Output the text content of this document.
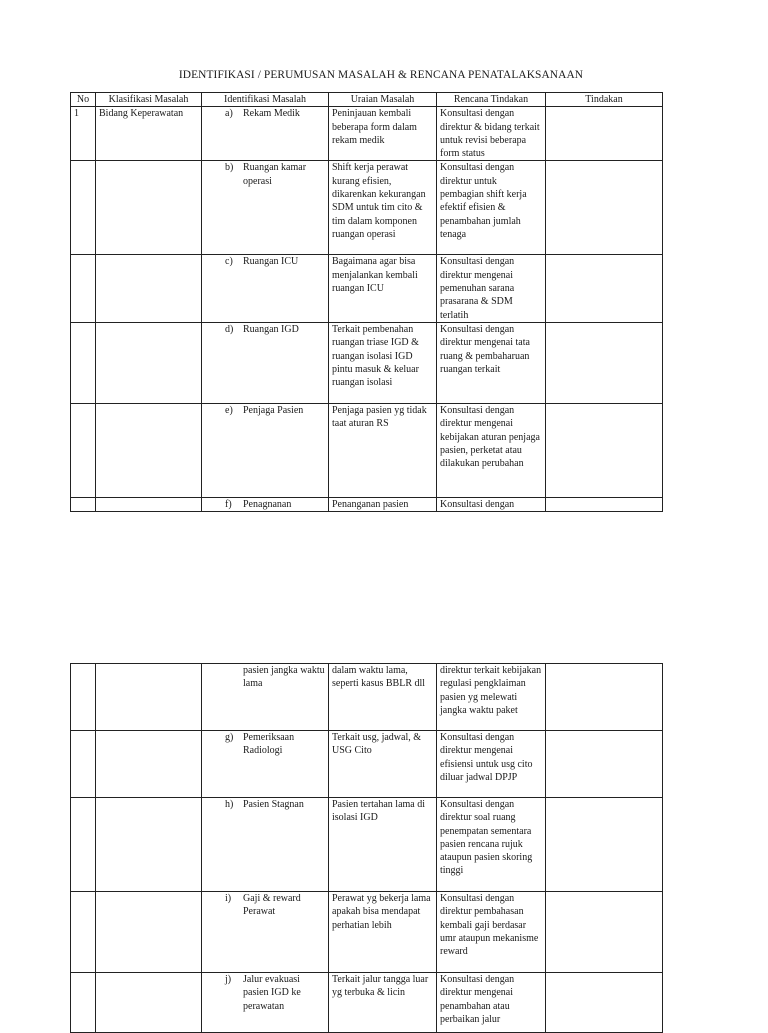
IDENTIFIKASI / PERUMUSAN MASALAH & RENCANA PENATALAKSANAAN
No	Klasifikasi Masalah	Identifikasi Masalah	Uraian Masalah	Rencana Tindakan	Tindakan
1	Bidang Keperawatan	a) Rekam Medik	Peninjauan kembali beberapa form dalam rekam medik	Konsultasi dengan direktur & bidang terkait untuk revisi beberapa form status	

		b) Ruangan kamar operasi	Shift kerja perawat kurang efisien, dikarenkan kekurangan SDM untuk tim cito & tim dalam komponen ruangan operasi	Konsultasi dengan direktur untuk pembagian shift kerja efektif efisien & penambahan jumlah tenaga	

		c) Ruangan ICU	Bagaimana agar bisa menjalankan kembali ruangan ICU	Konsultasi dengan direktur mengenai pemenuhan sarana prasarana & SDM terlatih	

		d) Ruangan IGD	Terkait pembenahan ruangan triase IGD & ruangan isolasi IGD pintu masuk & keluar ruangan isolasi	Konsultasi dengan direktur mengenai tata ruang & pembaharuan ruangan terkait	

		e) Penjaga Pasien	Penjaga pasien yg tidak taat aturan RS	Konsultasi dengan direktur mengenai kebijakan aturan penjaga pasien, perketat atau dilakukan perubahan	

		f) Penagnanan	Penanganan pasien	Konsultasi dengan	

		pasien jangka waktu lama	dalam waktu lama, seperti kasus BBLR dll	direktur terkait kebijakan regulasi pengklaiman pasien yg melewati jangka waktu paket	

		g) Pemeriksaan Radiologi	Terkait usg, jadwal, & USG Cito	Konsultasi dengan direktur mengenai efisiensi untuk usg cito diluar jadwal DPJP	

		h) Pasien Stagnan	Pasien tertahan lama di isolasi IGD	Konsultasi dengan direktur soal ruang penempatan sementara pasien rencana rujuk ataupun pasien skoring tinggi	

		i) Gaji & reward Perawat	Perawat yg bekerja lama apakah bisa mendapat perhatian lebih	Konsultasi dengan direktur pembahasan kembali gaji berdasar umr ataupun mekanisme reward	

		j) Jalur evakuasi pasien IGD ke perawatan	Terkait jalur tangga luar yg terbuka & licin	Konsultasi dengan direktur mengenai penambahan atau perbaikan jalur	
